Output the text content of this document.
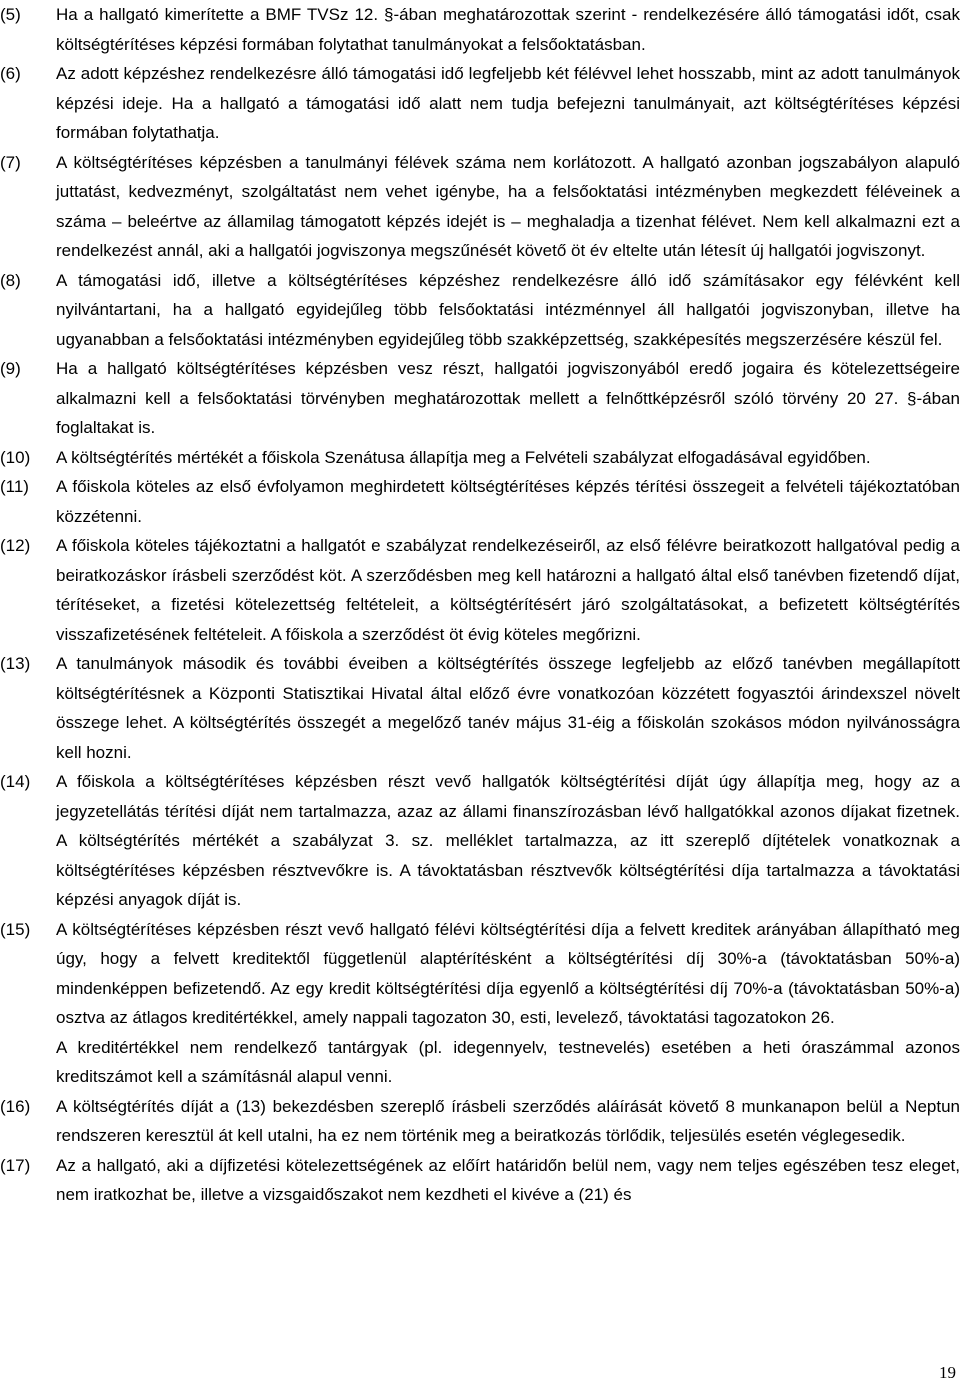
(5) Ha a hallgató kimerítette a BMF TVSz 12. §-ában meghatározottak szerint - rendelkezésére álló támogatási időt, csak költségtérítéses képzési formában folytathat tanulmányokat a felsőoktatásban.
(6) Az adott képzéshez rendelkezésre álló támogatási idő legfeljebb két félévvel lehet hosszabb, mint az adott tanulmányok képzési ideje. Ha a hallgató a támogatási idő alatt nem tudja befejezni tanulmányait, azt költségtérítéses képzési formában folytathatja.
(7) A költségtérítéses képzésben a tanulmányi félévek száma nem korlátozott. A hallgató azonban jogszabályon alapuló juttatást, kedvezményt, szolgáltatást nem vehet igénybe, ha a felsőoktatási intézményben megkezdett féléveinek a száma – beleértve az államilag támogatott képzés idejét is – meghaladja a tizenhat félévet. Nem kell alkalmazni ezt a rendelkezést annál, aki a hallgatói jogviszonya megszűnését követő öt év eltelte után létesít új hallgatói jogviszonyt.
(8) A támogatási idő, illetve a költségtérítéses képzéshez rendelkezésre álló idő számításakor egy félévként kell nyilvántartani, ha a hallgató egyidejűleg több felsőoktatási intézménnyel áll hallgatói jogviszonyban, illetve ha ugyanabban a felsőoktatási intézményben egyidejűleg több szakképzettség, szakképesítés megszerzésére készül fel.
(9) Ha a hallgató költségtérítéses képzésben vesz részt, hallgatói jogviszonyából eredő jogaira és kötelezettségeire alkalmazni kell a felsőoktatási törvényben meghatározottak mellett a felnőttképzésről szóló törvény 20 27. §-ában foglaltakat is.
(10) A költségtérítés mértékét a főiskola Szenátusa állapítja meg a Felvételi szabályzat elfogadásával egyidőben.
(11) A főiskola köteles az első évfolyamon meghirdetett költségtérítéses képzés térítési összegeit a felvételi tájékoztatóban közzétenni.
(12) A főiskola köteles tájékoztatni a hallgatót e szabályzat rendelkezéseiről, az első félévre beiratkozott hallgatóval pedig a beiratkozáskor írásbeli szerződést köt. A szerződésben meg kell határozni a hallgató által első tanévben fizetendő díjat, térítéseket, a fizetési kötelezettség feltételeit, a költségtérítésért járó szolgáltatásokat, a befizetett költségtérítés visszafizetésének feltételeit. A főiskola a szerződést öt évig köteles megőrizni.
(13) A tanulmányok második és további éveiben a költségtérítés összege legfeljebb az előző tanévben megállapított költségtérítésnek a Központi Statisztikai Hivatal által előző évre vonatkozóan közzétett fogyasztói árindexszel növelt összege lehet. A költségtérítés összegét a megelőző tanév május 31-éig a főiskolán szokásos módon nyilvánosságra kell hozni.
(14) A főiskola a költségtérítéses képzésben részt vevő hallgatók költségtérítési díját úgy állapítja meg, hogy az a jegyzetellátás térítési díját nem tartalmazza, azaz az állami finanszírozásban lévő hallgatókkal azonos díjakat fizetnek. A költségtérítés mértékét a szabályzat 3. sz. melléklet tartalmazza, az itt szereplő díjtételek vonatkoznak a költségtérítéses képzésben résztvevőkre is. A távoktatásban résztvevők költségtérítési díja tartalmazza a távoktatási képzési anyagok díját is.
(15) A költségtérítéses képzésben részt vevő hallgató félévi költségtérítési díja a felvett kreditek arányában állapítható meg úgy, hogy a felvett kreditektől függetlenül alaptérítésként a költségtérítési díj 30%-a (távoktatásban 50%-a) mindenképpen befizetendő. Az egy kredit költségtérítési díja egyenlő a költségtérítési díj 70%-a (távoktatásban 50%-a) osztva az átlagos kreditértékkel, amely nappali tagozaton 30, esti, levelező, távoktatási tagozatokon 26.
A kreditértékkel nem rendelkező tantárgyak (pl. idegennyelv, testnevelés) esetében a heti óraszámmal azonos kreditszámot kell a számításnál alapul venni.
(16) A költségtérítés díját a (13) bekezdésben szereplő írásbeli szerződés aláírását követő 8 munkanapon belül a Neptun rendszeren keresztül át kell utalni, ha ez nem történik meg a beiratkozás törlődik, teljesülés esetén véglegesedik.
(17) Az a hallgató, aki a díjfizetési kötelezettségének az előírt határidőn belül nem, vagy nem teljes egészében tesz eleget, nem iratkozhat be, illetve a vizsgaidőszakot nem kezdheti el kivéve a (21) és
19
